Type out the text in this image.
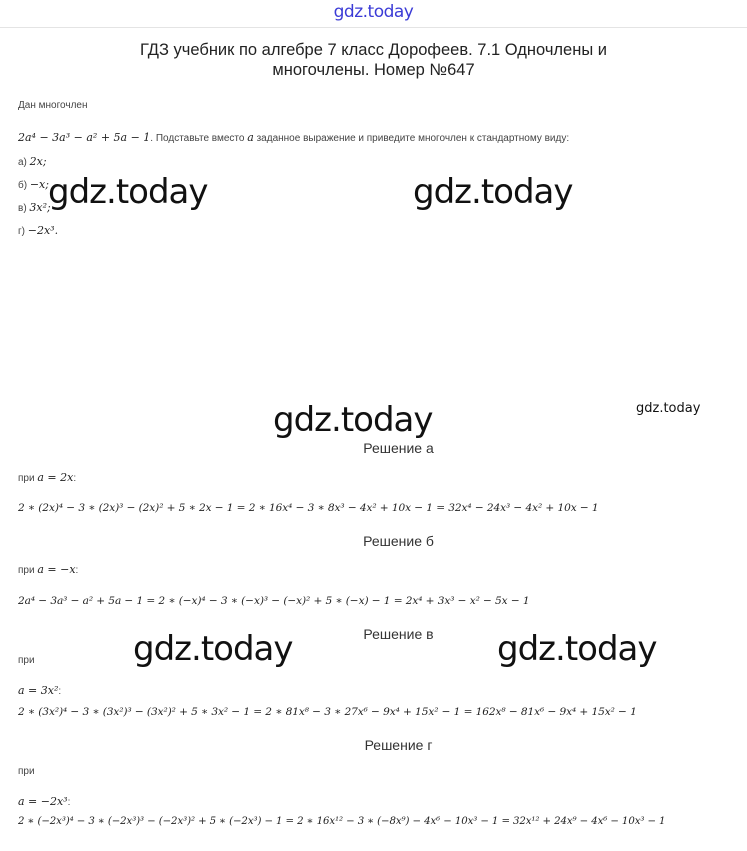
gdz.today
ГДЗ учебник по алгебре 7 класс Дорофеев. 7.1 Одночлены и
многочлены. Номер №647
Дан многочлен
2a⁴ − 3a³ − a² + 5a − 1. Подставьте вместо a заданное выражение и приведите многочлен к стандартному виду:
а) 2x;
б) −x;
в) 3x²;
г) −2x³.
gdz.today	gdz.today
gdz.today	gdz.today
gdz.today	gdz.today
Решение а
при a = 2x:
2 ∗ (2x)⁴ − 3 ∗ (2x)³ − (2x)² + 5 ∗ 2x − 1 = 2 ∗ 16x⁴ − 3 ∗ 8x³ − 4x² + 10x − 1 = 32x⁴ − 24x³ − 4x² + 10x − 1
Решение б
при a = −x:
2a⁴ − 3a³ − a² + 5a − 1 = 2 ∗ (−x)⁴ − 3 ∗ (−x)³ − (−x)² + 5 ∗ (−x) − 1 = 2x⁴ + 3x³ − x² − 5x − 1
Решение в
при
a = 3x²:
2 ∗ (3x²)⁴ − 3 ∗ (3x²)³ − (3x²)² + 5 ∗ 3x² − 1 = 2 ∗ 81x⁸ − 3 ∗ 27x⁶ − 9x⁴ + 15x² − 1 = 162x⁸ − 81x⁶ − 9x⁴ + 15x² − 1
Решение г
при
a = −2x³:
2 ∗ (−2x³)⁴ − 3 ∗ (−2x³)³ − (−2x³)² + 5 ∗ (−2x³) − 1 = 2 ∗ 16x¹² − 3 ∗ (−8x⁹) − 4x⁶ − 10x³ − 1 = 32x¹² + 24x⁹ − 4x⁶ − 10x³ − 1
